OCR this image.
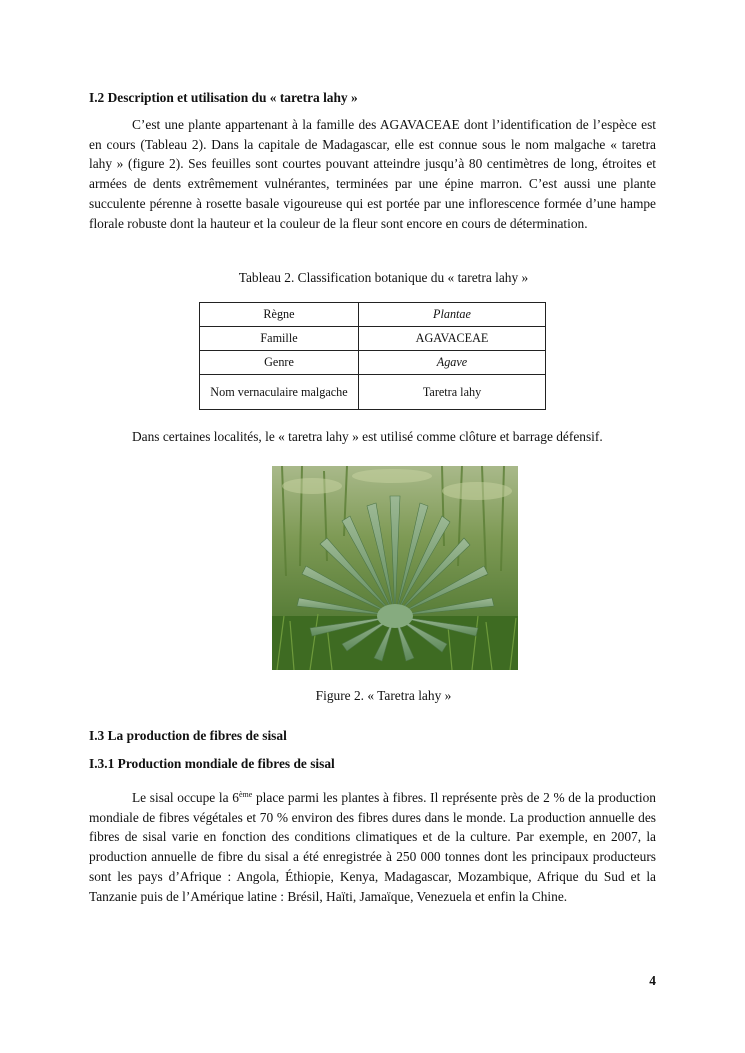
I.2 Description et utilisation du « taretra lahy »

C’est une plante appartenant à la famille des AGAVACEAE dont l’identification de l’espèce est en cours (Tableau 2). Dans la capitale de Madagascar, elle est connue sous le nom malgache « taretra lahy » (figure 2). Ses feuilles sont courtes pouvant atteindre jusqu’à 80 centimètres de long, étroites et armées de dents extrêmement vulnérantes, terminées par une épine marron. C’est aussi une plante succulente pérenne à rosette basale vigoureuse qui est portée par une inflorescence formée d’une hampe florale robuste dont la hauteur et la couleur de la fleur sont encore en cours de détermination.

Tableau 2. Classification botanique du « taretra lahy »

Règne	Plantae
Famille	AGAVACEAE
Genre	Agave
Nom vernaculaire malgache	Taretra lahy

Dans certaines localités, le « taretra lahy » est utilisé comme clôture et barrage défensif.

Figure 2. « Taretra lahy »

I.3 La production de fibres de sisal
I.3.1 Production mondiale de fibres de sisal

Le sisal occupe la 6ème place parmi les plantes à fibres. Il représente près de 2 % de la production mondiale de fibres végétales et 70 % environ des fibres dures dans le monde. La production annuelle des fibres de sisal varie en fonction des conditions climatiques et de la culture. Par exemple, en 2007, la production annuelle de fibre du sisal a été enregistrée à 250 000 tonnes dont les principaux producteurs sont les pays d’Afrique : Angola, Éthiopie, Kenya, Madagascar, Mozambique, Afrique du Sud et la Tanzanie puis de l’Amérique latine : Brésil, Haïti, Jamaïque, Venezuela et enfin la Chine.

4
